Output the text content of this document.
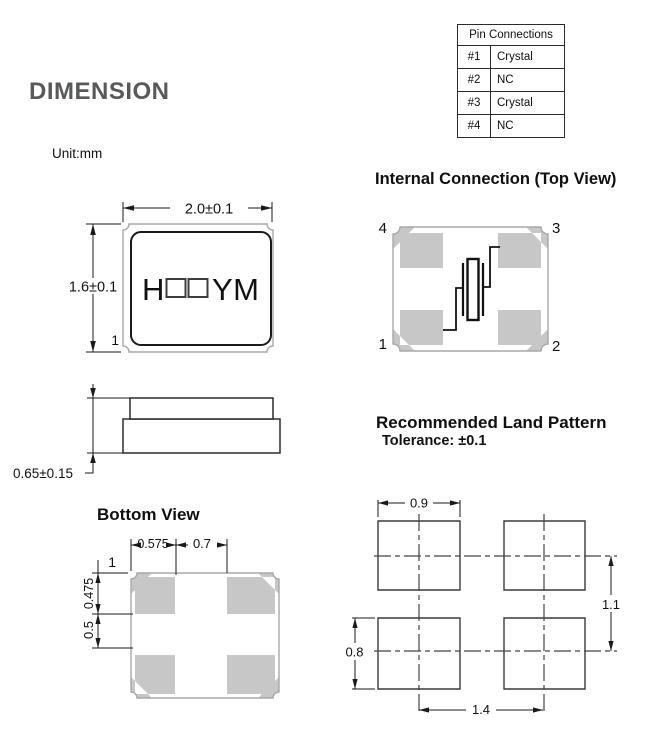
DIMENSION
Unit:mm
Internal Connection (Top View)
Bottom View
Recommended Land Pattern
Tolerance: ±0.1
Pin Connections	
#1	Crystal
#2	NC
#3	Crystal
#4	NC
H YM
2.0±0.1
1.6±0.1
1
0.65±0.15
0.575 0.7
0.475
0.5
1
4	3
1	2
0.9
1.1
0.8
1.4
